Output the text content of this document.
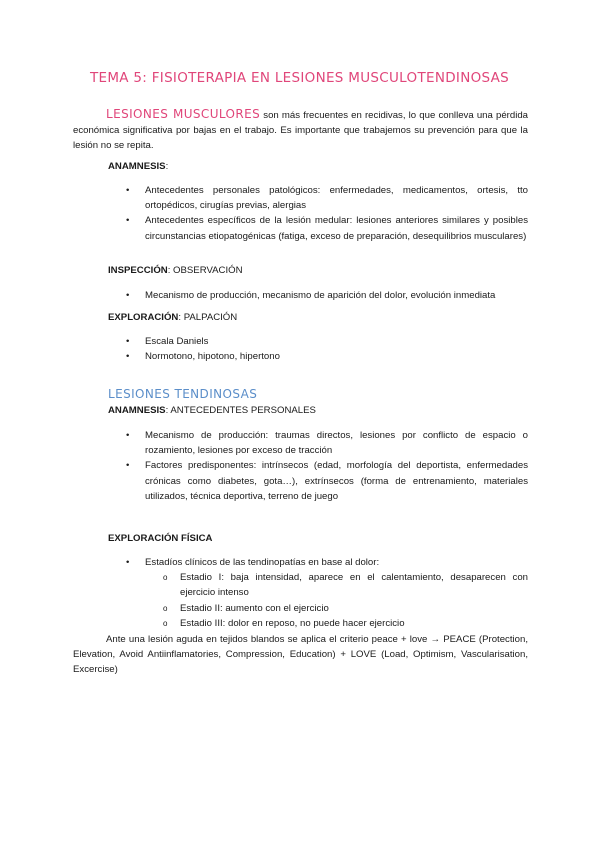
TEMA 5: FISIOTERAPIA EN LESIONES MUSCULOTENDINOSAS
LESIONES MUSCULORES son más frecuentes en recidivas, lo que conlleva una pérdida económica significativa por bajas en el trabajo. Es importante que trabajemos su prevención para que la lesión no se repita.
ANAMNESIS:
• Antecedentes personales patológicos: enfermedades, medicamentos, ortesis, tto ortopédicos, cirugías previas, alergias
• Antecedentes específicos de la lesión medular: lesiones anteriores similares y posibles circunstancias etiopatogénicas (fatiga, exceso de preparación, desequilibrios musculares)
INSPECCIÓN: OBSERVACIÓN
• Mecanismo de producción, mecanismo de aparición del dolor, evolución inmediata
EXPLORACIÓN: PALPACIÓN
• Escala Daniels
• Normotono, hipotono, hipertono
LESIONES TENDINOSAS
ANAMNESIS: ANTECEDENTES PERSONALES
• Mecanismo de producción: traumas directos, lesiones por conflicto de espacio o rozamiento, lesiones por exceso de tracción
• Factores predisponentes: intrínsecos (edad, morfología del deportista, enfermedades crónicas como diabetes, gota…), extrínsecos (forma de entrenamiento, materiales utilizados, técnica deportiva, terreno de juego
EXPLORACIÓN FÍSICA
• Estadíos clínicos de las tendinopatías en base al dolor:
o Estadio I: baja intensidad, aparece en el calentamiento, desaparecen con ejercicio intenso
o Estadio II: aumento con el ejercicio
o Estadio III: dolor en reposo, no puede hacer ejercicio
Ante una lesión aguda en tejidos blandos se aplica el criterio peace + love → PEACE (Protection, Elevation, Avoid Antiinflamatories, Compression, Education) + LOVE (Load, Optimism, Vascularisation, Excercise)
